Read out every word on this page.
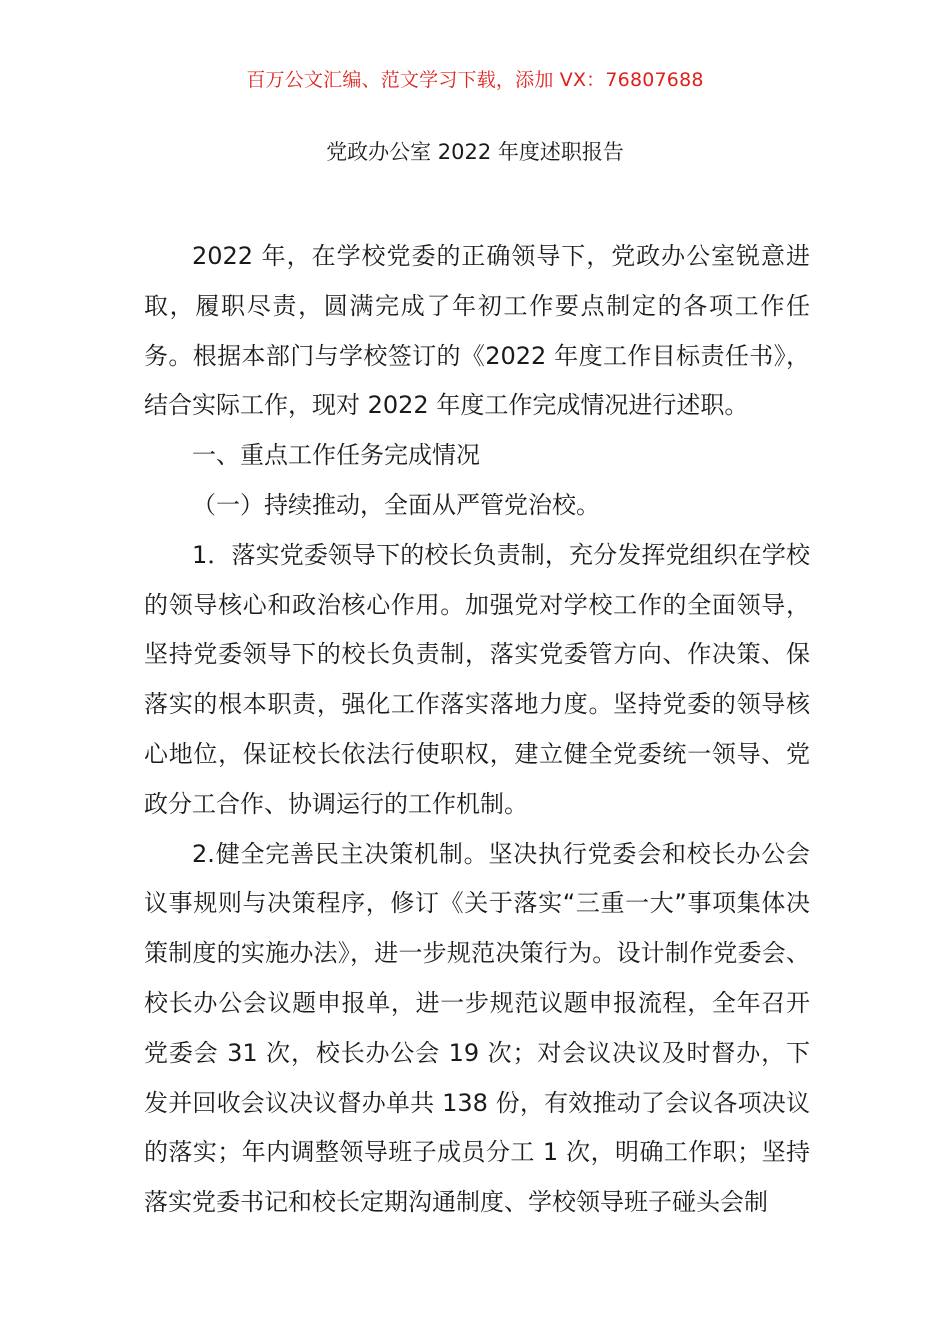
百万公文汇编、范文学习下载，添加 VX：76807688
党政办公室 2022 年度述职报告

2022 年，在学校党委的正确领导下，党政办公室锐意进取，履职尽责，圆满完成了年初工作要点制定的各项工作任务。根据本部门与学校签订的《2022 年度工作目标责任书》，结合实际工作，现对 2022 年度工作完成情况进行述职。

一、重点工作任务完成情况

（一）持续推动，全面从严管党治校。

1．落实党委领导下的校长负责制，充分发挥党组织在学校的领导核心和政治核心作用。加强党对学校工作的全面领导，坚持党委领导下的校长负责制，落实党委管方向、作决策、保落实的根本职责，强化工作落实落地力度。坚持党委的领导核心地位，保证校长依法行使职权，建立健全党委统一领导、党政分工合作、协调运行的工作机制。

2.健全完善民主决策机制。坚决执行党委会和校长办公会议事规则与决策程序，修订《关于落实“三重一大”事项集体决策制度的实施办法》，进一步规范决策行为。设计制作党委会、校长办公会议题申报单，进一步规范议题申报流程，全年召开党委会 31 次，校长办公会 19 次；对会议决议及时督办，下发并回收会议决议督办单共 138 份，有效推动了会议各项决议的落实；年内调整领导班子成员分工 1 次，明确工作职；坚持落实党委书记和校长定期沟通制度、学校领导班子碰头会制
